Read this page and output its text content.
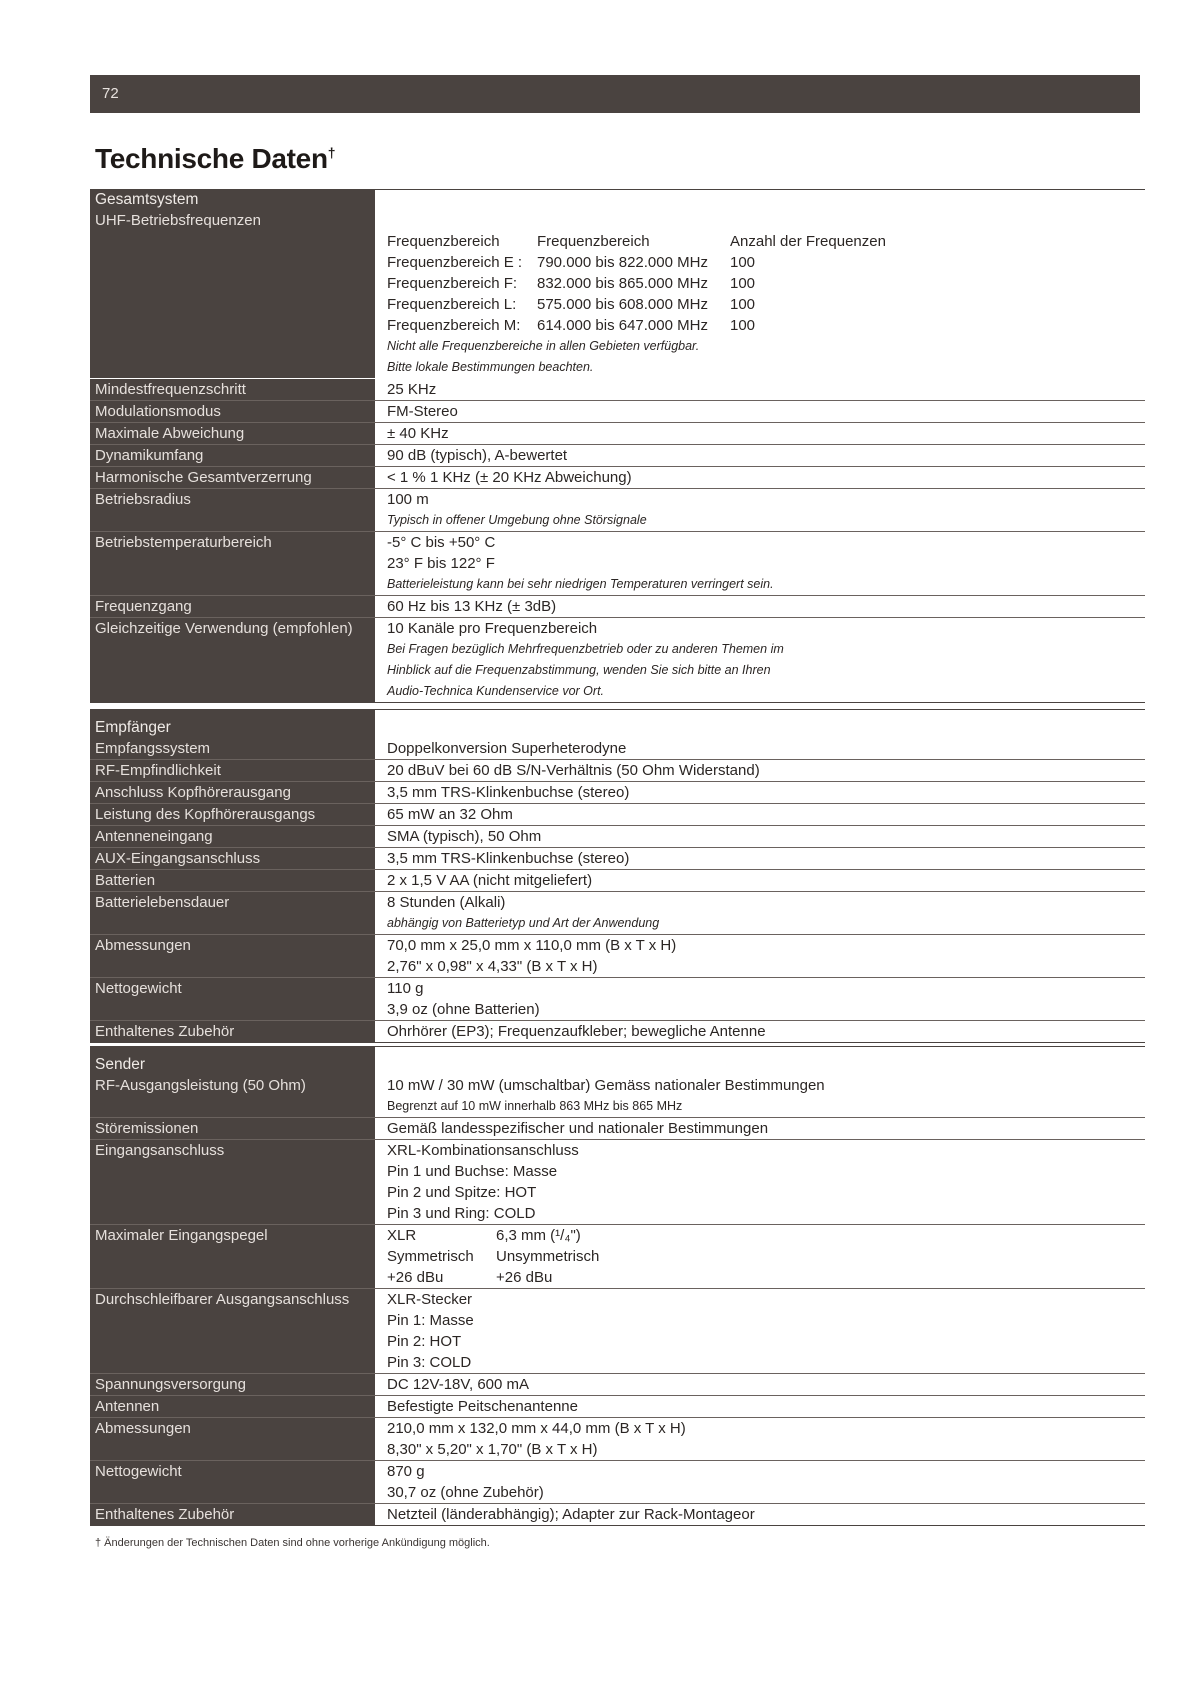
72
Technische Daten†
Gesamtsystem
UHF-Betriebsfrequenzen
Frequenzbereich	Frequenzbereich	Anzahl der Frequenzen
Frequenzbereich E : 790.000 bis 822.000 MHz	100
Frequenzbereich F:	832.000 bis 865.000 MHz	100
Frequenzbereich L:	575.000 bis 608.000 MHz	100
Frequenzbereich M:	614.000 bis 647.000 MHz	100
Nicht alle Frequenzbereiche in allen Gebieten verfügbar.
Bitte lokale Bestimmungen beachten.
Mindestfrequenzschritt	25 KHz
Modulationsmodus	FM-Stereo
Maximale Abweichung	± 40 KHz
Dynamikumfang	90 dB (typisch), A-bewertet
Harmonische Gesamtverzerrung	< 1 % 1 KHz (± 20 KHz Abweichung)
Betriebsradius	100 m
Typisch in offener Umgebung ohne Störsignale
Betriebstemperaturbereich	-5° C bis +50° C
23° F bis 122° F
Batterieleistung kann bei sehr niedrigen Temperaturen verringert sein.
Frequenzgang	60 Hz bis 13 KHz (± 3dB)
Gleichzeitige Verwendung (empfohlen) 10 Kanäle pro Frequenzbereich
Bei Fragen bezüglich Mehrfrequenzbetrieb oder zu anderen Themen im
Hinblick auf die Frequenzabstimmung, wenden Sie sich bitte an Ihren
Audio-Technica Kundenservice vor Ort.
Empfänger
Empfangssystem	Doppelkonversion Superheterodyne
RF-Empfindlichkeit	20 dBuV bei 60 dB S/N-Verhältnis (50 Ohm Widerstand)
Anschluss Kopfhörerausgang	3,5 mm TRS-Klinkenbuchse (stereo)
Leistung des Kopfhörerausgangs	65 mW an 32 Ohm
Antenneneingang	SMA (typisch), 50 Ohm
AUX-Eingangsanschluss	3,5 mm TRS-Klinkenbuchse (stereo)
Batterien	2 x 1,5 V AA (nicht mitgeliefert)
Batterielebensdauer	8 Stunden (Alkali)
abhängig von Batterietyp und Art der Anwendung
Abmessungen	70,0 mm x 25,0 mm x 110,0 mm (B x T x H)
2,76" x 0,98" x 4,33" (B x T x H)
Nettogewicht	110 g
3,9 oz (ohne Batterien)
Enthaltenes Zubehör	Ohrhörer (EP3); Frequenzaufkleber; bewegliche Antenne
Sender
RF-Ausgangsleistung (50 Ohm)	10 mW / 30 mW (umschaltbar) Gemäss nationaler Bestimmungen
Begrenzt auf 10 mW innerhalb 863 MHz bis 865 MHz
Störemissionen	Gemäß landesspezifischer und nationaler Bestimmungen
Eingangsanschluss	XRL-Kombinationsanschluss
Pin 1 und Buchse: Masse
Pin 2 und Spitze: HOT
Pin 3 und Ring: COLD
Maximaler Eingangspegel	XLR	6,3 mm (¹/₄")
Symmetrisch	Unsymmetrisch
+26 dBu	+26 dBu
Durchschleifbarer Ausgangsanschluss	XLR-Stecker
Pin 1: Masse
Pin 2: HOT
Pin 3: COLD
Spannungsversorgung	DC 12V-18V, 600 mA
Antennen	Befestigte Peitschenantenne
Abmessungen	210,0 mm x 132,0 mm x 44,0 mm (B x T x H)
8,30" x 5,20" x 1,70" (B x T x H)
Nettogewicht	870 g
30,7 oz (ohne Zubehör)
Enthaltenes Zubehör	Netzteil (länderabhängig); Adapter zur Rack-Montageor
† Änderungen der Technischen Daten sind ohne vorherige Ankündigung möglich.
